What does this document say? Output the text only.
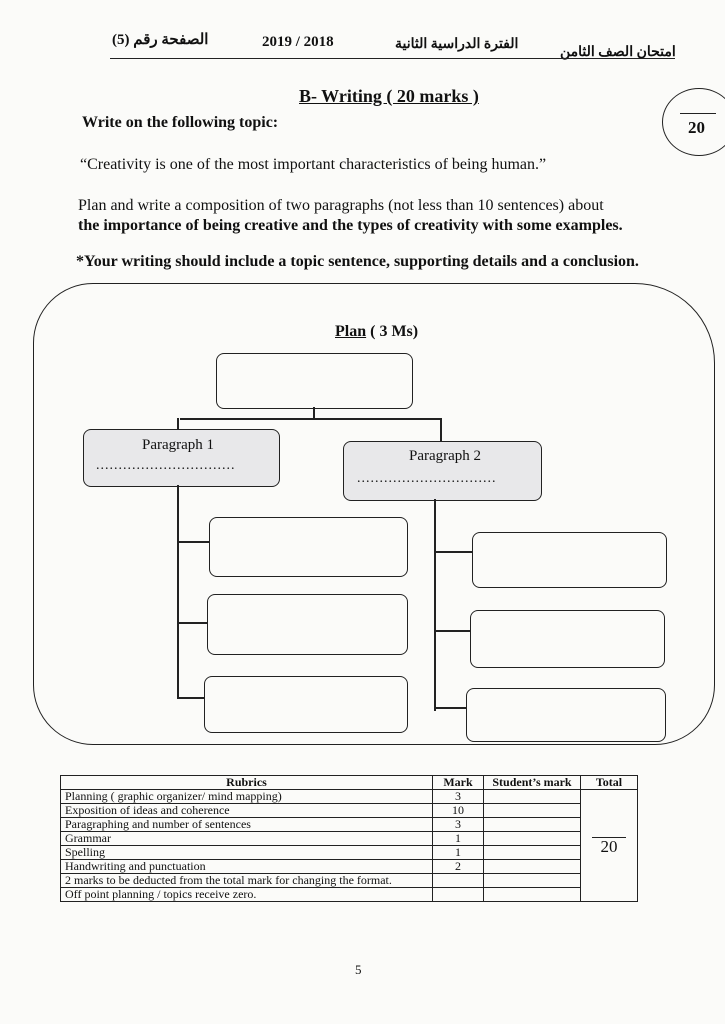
الصفحة رقم (5)	2019 / 2018	الفترة الدراسية الثانية
امتحان الصف الثامن
20
B- Writing ( 20 marks )
Write on the following topic:
“Creativity is one of the most important characteristics of being human.”
Plan and write a composition of two paragraphs (not less than 10 sentences) about
the importance of being creative and the types of creativity with some examples.
*Your writing should include a topic sentence, supporting details and a conclusion.
Plan ( 3 Ms)
Paragraph 1
...............................
Paragraph 2
...............................
Rubrics	Mark	Student’s mark	Total
Planning ( graphic organizer/ mind mapping)	3		20
Exposition of ideas and coherence	10		
Paragraphing and number of sentences	3		
Grammar	1		
Spelling	1		
Handwriting and punctuation	2		
2 marks to be deducted from the total mark for changing the format.			
Off point planning / topics receive zero.			
5
